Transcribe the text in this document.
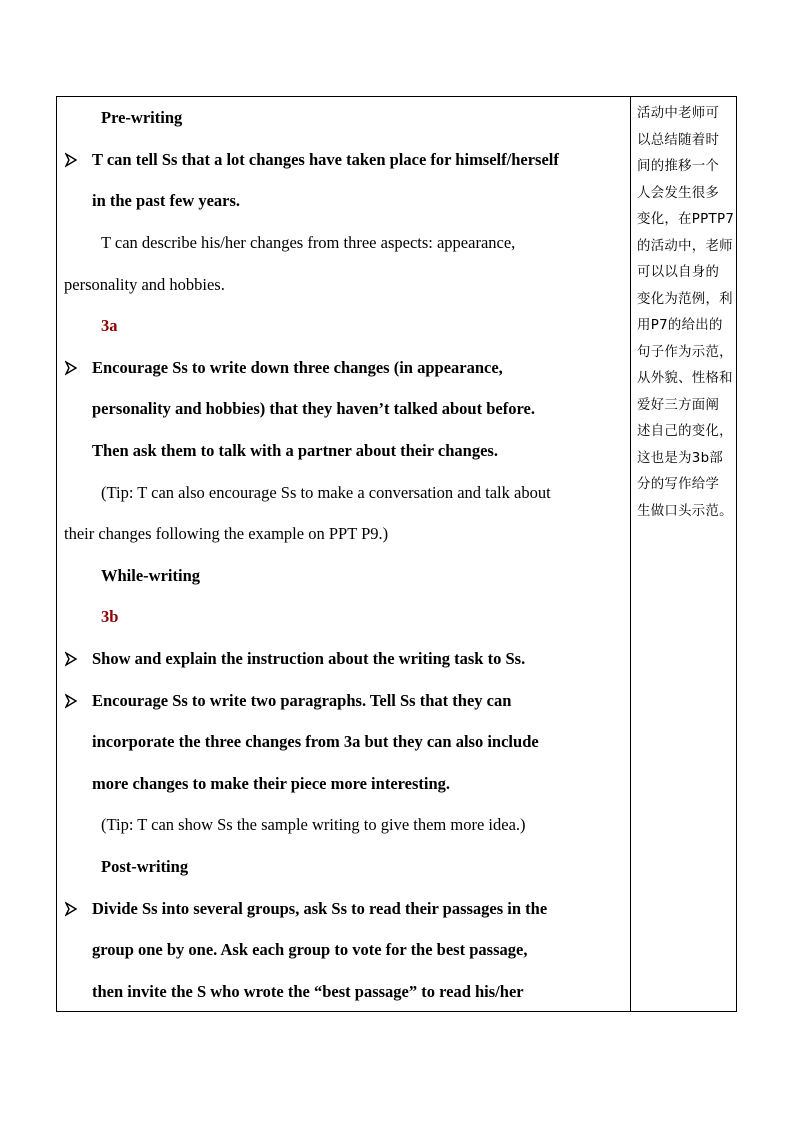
Pre-writing
T can tell Ss that a lot changes have taken place for himself/herself
in the past few years.
T can describe his/her changes from three aspects: appearance,
personality and hobbies.
3a
Encourage Ss to write down three changes (in appearance,
personality and hobbies) that they haven’t talked about before.
Then ask them to talk with a partner about their changes.
(Tip: T can also encourage Ss to make a conversation and talk about
their changes following the example on PPT P9.)
While-writing
3b
Show and explain the instruction about the writing task to Ss.
Encourage Ss to write two paragraphs. Tell Ss that they can
incorporate the three changes from 3a but they can also include
more changes to make their piece more interesting.
(Tip: T can show Ss the sample writing to give them more idea.)
Post-writing
Divide Ss into several groups, ask Ss to read their passages in the
group one by one. Ask each group to vote for the best passage,
then invite the S who wrote the “best passage” to read his/her
活动中老师可
以总结随着时
间的推移一个
人会发生很多
变化，在PPTP7
的活动中，老师
可以以自身的
变化为范例，利
用P7的给出的
句子作为示范，
从外貌、性格和
爱好三方面阐
述自己的变化，
这也是为3b部
分的写作给学
生做口头示范。
